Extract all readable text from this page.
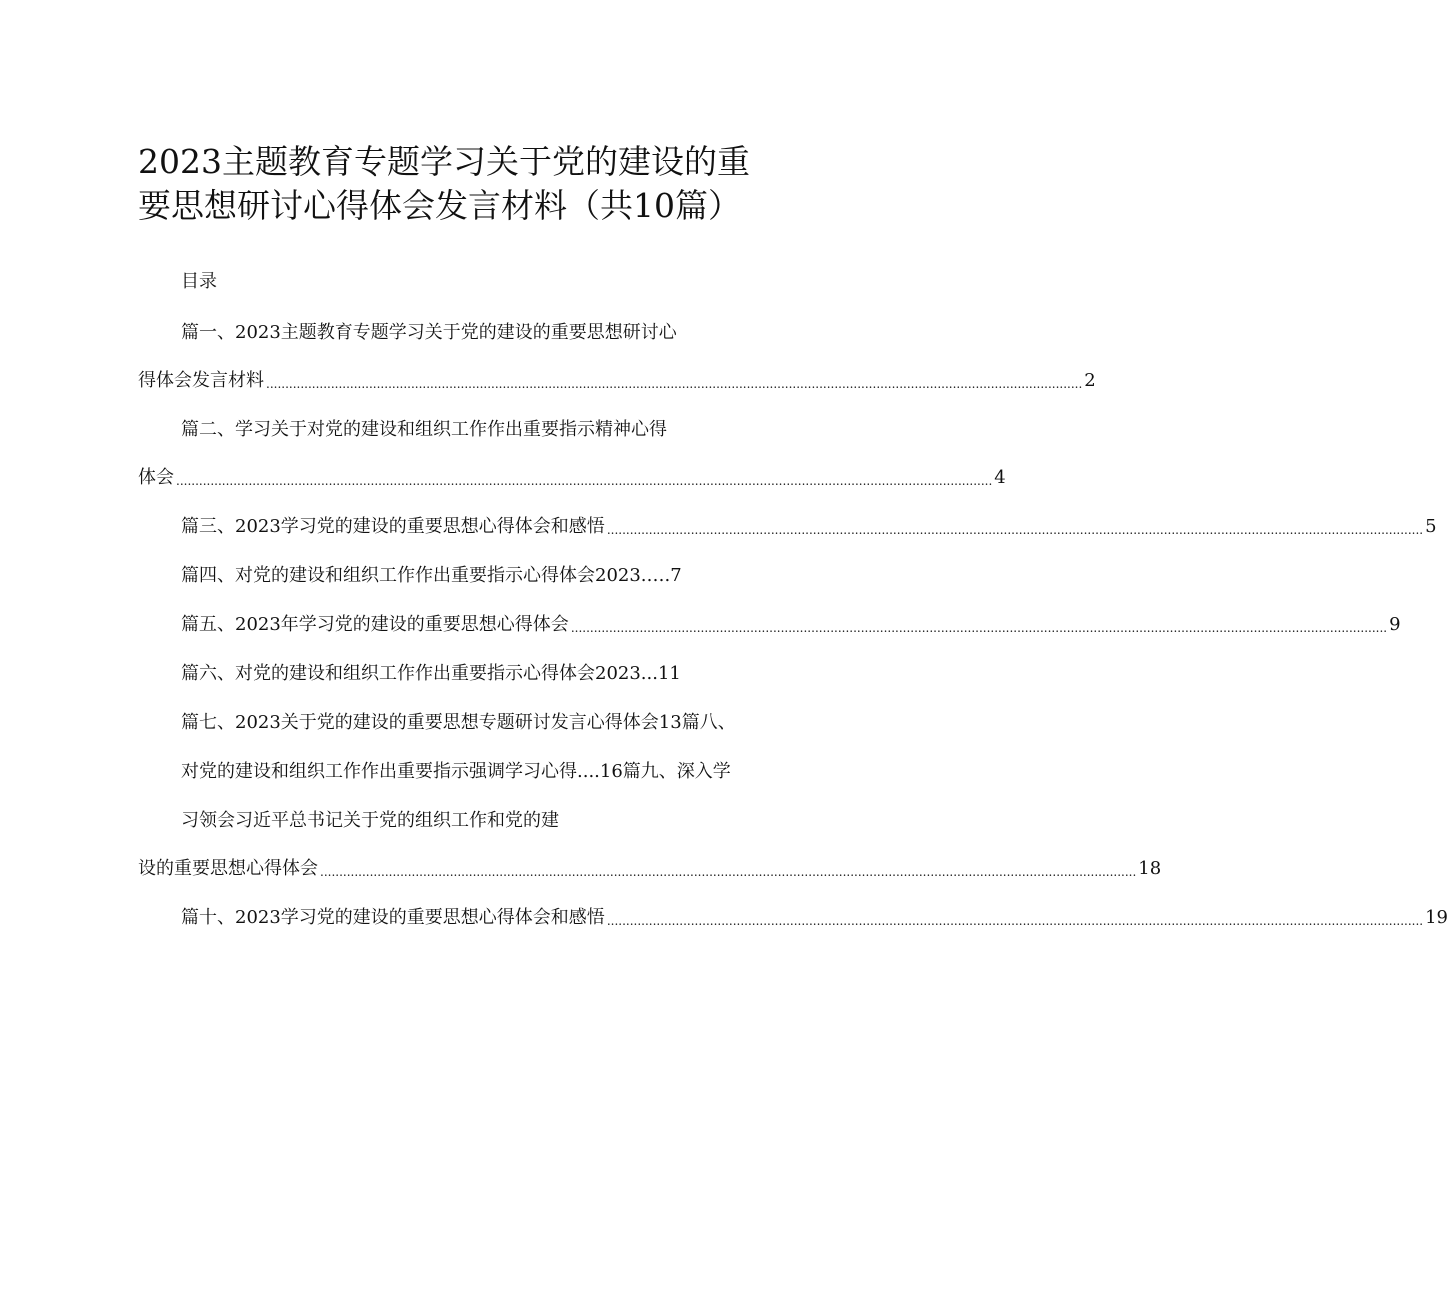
2023主题教育专题学习关于党的建设的重
要思想研讨心得体会发言材料（共10篇）
目录
篇一、2023主题教育专题学习关于党的建设的重要思想研讨心
得体会发言材料 ...................................................................................................................................................................................................................... 2
篇二、学习关于对党的建设和组织工作作出重要指示精神心得
体会 ...................................................................................................................................................................................................................... 4
篇三、2023学习党的建设的重要思想心得体会和感悟 ...................................................................................................................................................................................................................... 5
篇四、对党的建设和组织工作作出重要指示心得体会2023.….7
篇五、2023年学习党的建设的重要思想心得体会 ...................................................................................................................................................................................................................... 9
篇六、对党的建设和组织工作作出重要指示心得体会2023...11
篇七、2023关于党的建设的重要思想专题研讨发言心得体会13篇八、
对党的建设和组织工作作出重要指示强调学习心得....16篇九、深入学
习领会习近平总书记关于党的组织工作和党的建
设的重要思想心得体会 ...................................................................................................................................................................................................................... 18
篇十、2023学习党的建设的重要思想心得体会和感悟 ...................................................................................................................................................................................................................... 19
